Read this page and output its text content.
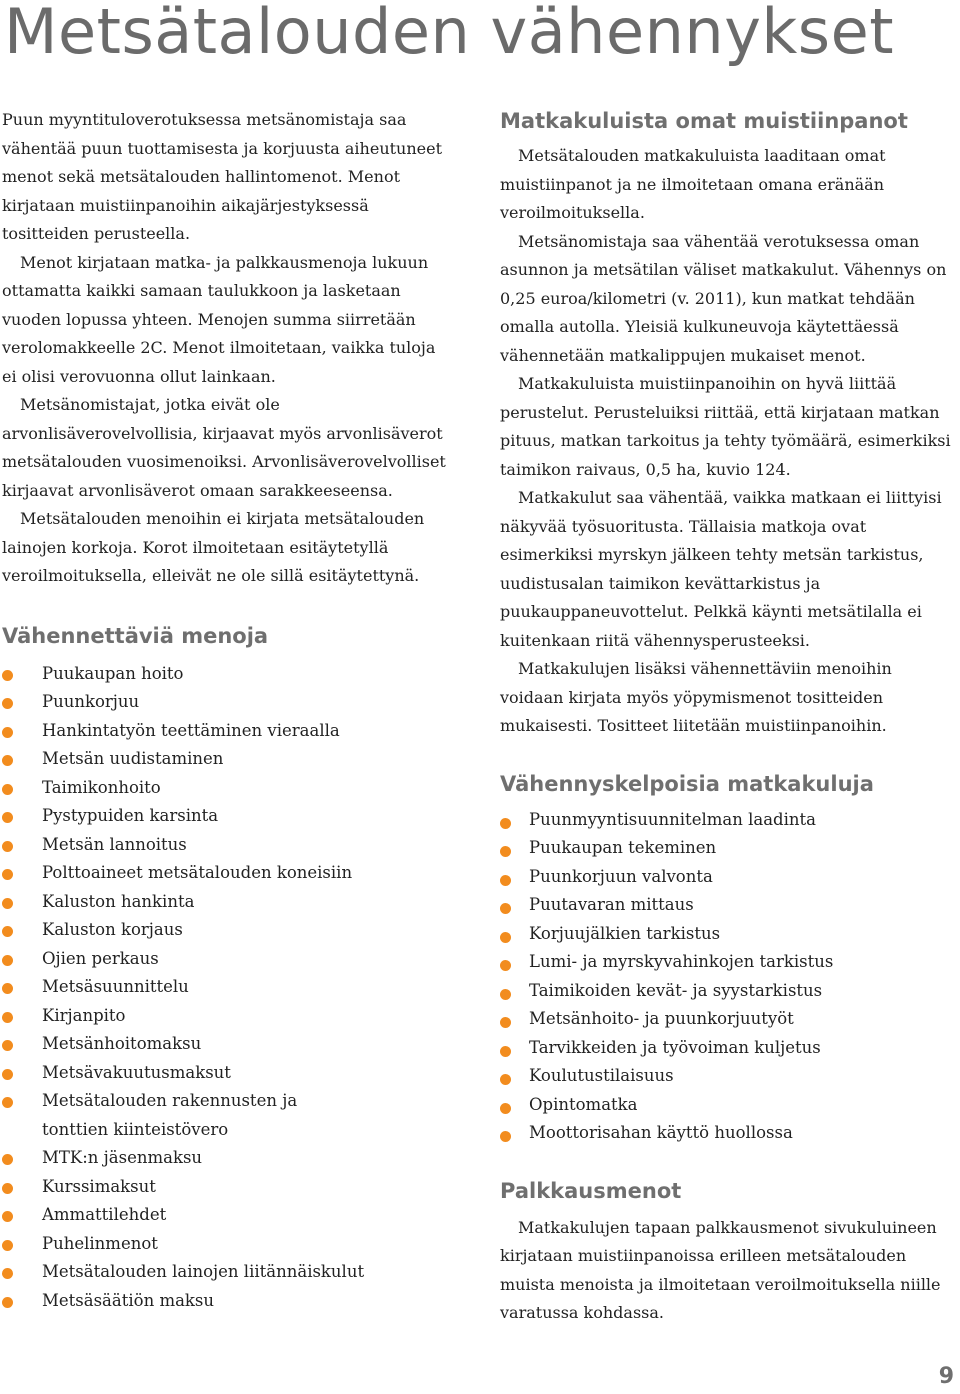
Metsätalouden vähennykset

Puun myyntituloverotuksessa metsänomistaja saa vähentää puun tuottamisesta ja korjuusta aiheutuneet menot sekä metsätalouden hallintomenot. Menot kirjataan muistiinpanoihin aikajärjestyksessä tositteiden perusteella.

Menot kirjataan matka- ja palkkausmenoja lukuun ottamatta kaikki samaan taulukkoon ja lasketaan vuoden lopussa yhteen. Menojen summa siirretään verolomakkeelle 2C. Menot ilmoitetaan, vaikka tuloja ei olisi verovuonna ollut lainkaan.

Metsänomistajat, jotka eivät ole arvonlisäverovelvollisia, kirjaavat myös arvonlisäverot metsätalouden vuosimenoiksi. Arvonlisäverovelvolliset kirjaavat arvonlisäverot omaan sarakkeeseensa.

Metsätalouden menoihin ei kirjata metsätalouden lainojen korkoja. Korot ilmoitetaan esitäytetyllä veroilmoituksella, elleivät ne ole sillä esitäytettynä.

Vähennettäviä menoja
Puukaupan hoito
Puunkorjuu
Hankintatyön teettäminen vieraalla
Metsän uudistaminen
Taimikonhoito
Pystypuiden karsinta
Metsän lannoitus
Polttoaineet metsätalouden koneisiin
Kaluston hankinta
Kaluston korjaus
Ojien perkaus
Metsäsuunnittelu
Kirjanpito
Metsänhoitomaksu
Metsävakuutusmaksut
Metsätalouden rakennusten ja tonttien kiinteistövero
MTK:n jäsenmaksu
Kurssimaksut
Ammattilehdet
Puhelinmenot
Metsätalouden lainojen liitännäiskulut
Metsäsäätiön maksu
Matkakuluista omat muistiinpanot

Metsätalouden matkakuluista laaditaan omat muistiinpanot ja ne ilmoitetaan omana eränään veroilmoituksella.

Metsänomistaja saa vähentää verotuksessa oman asunnon ja metsätilan väliset matkakulut. Vähennys on 0,25 euroa/kilometri (v. 2011), kun matkat tehdään omalla autolla. Yleisiä kulkuneuvoja käytettäessä vähennetään matkalippujen mukaiset menot.

Matkakuluista muistiinpanoihin on hyvä liittää perustelut. Perusteluiksi riittää, että kirjataan matkan pituus, matkan tarkoitus ja tehty työmäärä, esimerkiksi taimikon raivaus, 0,5 ha, kuvio 124.

Matkakulut saa vähentää, vaikka matkaan ei liittyisi näkyvää työsuoritusta. Tällaisia matkoja ovat esimerkiksi myrskyn jälkeen tehty metsän tarkistus, uudistusalan taimikon kevättarkistus ja puukauppaneuvottelut. Pelkkä käynti metsätilalla ei kuitenkaan riitä vähennysperusteeksi.

Matkakulujen lisäksi vähennettäviin menoihin voidaan kirjata myös yöpymismenot tositteiden mukaisesti. Tositteet liitetään muistiinpanoihin.

Vähennyskelpoisia matkakuluja
Puunmyyntisuunnitelman laadinta
Puukaupan tekeminen
Puunkorjuun valvonta
Puutavaran mittaus
Korjuujälkien tarkistus
Lumi- ja myrskyvahinkojen tarkistus
Taimikoiden kevät- ja syystarkistus
Metsänhoito- ja puunkorjuutyöt
Tarvikkeiden ja työvoiman kuljetus
Koulutustilaisuus
Opintomatka
Moottorisahan käyttö huollossa
Palkkausmenot

Matkakulujen tapaan palkkausmenot sivukuluineen kirjataan muistiinpanoissa erilleen metsätalouden muista menoista ja ilmoitetaan veroilmoituksella niille varatussa kohdassa.

9
